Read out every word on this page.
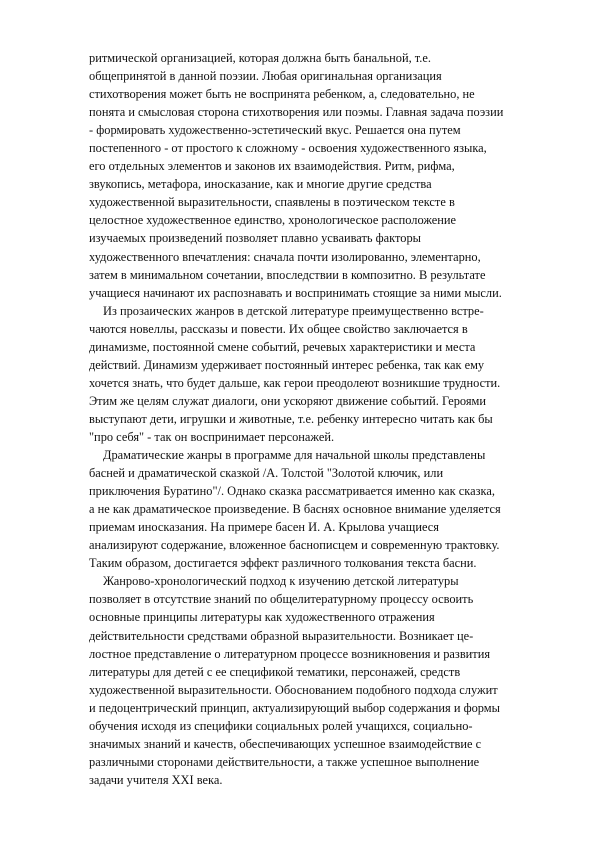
ритмической организацией, которая должна быть банальной, т.е.
общепринятой в данной поэзии. Любая оригинальная организация
стихотворения может быть не воспринята ребенком, а, следовательно, не
понята и смысловая сторона стихотворения или поэмы. Главная задача поэзии
- формировать художественно-эстетический вкус. Решается она путем
постепенного - от простого к сложному - освоения художественного языка,
его отдельных элементов и законов их взаимодействия. Ритм, рифма,
звукопись, метафора, иносказание, как и многие другие средства
художественной выразительности, спаявлены в поэтическом тексте в
целостное художественное единство, хронологическое расположение
изучаемых произведений позволяет плавно усваивать факторы
художественного впечатления: сначала почти изолированно, элементарно,
затем в минимальном сочетании, впоследствии в композитно. В результате
учащиеся начинают их распознавать и воспринимать стоящие за ними мысли.

Из прозаических жанров в детской литературе преимущественно встре-
чаются новеллы, рассказы и повести. Их общее свойство заключается в
динамизме, постоянной смене событий, речевых характеристики и места
действий. Динамизм удерживает постоянный интерес ребенка, так как ему
хочется знать, что будет дальше, как герои преодолеют возникшие трудности.
Этим же целям служат диалоги, они ускоряют движение событий. Героями
выступают дети, игрушки и животные, т.е. ребенку интересно читать как бы
"про себя" - так он воспринимает персонажей.

Драматические жанры в программе для начальной школы представлены
басней и драматической сказкой /А. Толстой "Золотой ключик, или
приключения Буратино"/. Однако сказка рассматривается именно как сказка,
а не как драматическое произведение. В баснях основное внимание уделяется
приемам иносказания. На примере басен И. А. Крылова учащиеся
анализируют содержание, вложенное баснописцем и современную трактовку.
Таким образом, достигается эффект различного толкования текста басни.

Жанрово-хронологический подход к изучению детской литературы
позволяет в отсутствие знаний по общелитературному процессу освоить
основные принципы литературы как художественного отражения
действительности средствами образной выразительности. Возникает це-
лостное представление о литературном процессе возникновения и развития
литературы для детей с ее спецификой тематики, персонажей, средств
художественной выразительности. Обоснованием подобного подхода служит
и педоцентрический принцип, актуализирующий выбор содержания и формы
обучения исходя из специфики социальных ролей учащихся, социально-
значимых знаний и качеств, обеспечивающих успешное взаимодействие с
различными сторонами действительности, а также успешное выполнение
задачи учителя XXI века.
